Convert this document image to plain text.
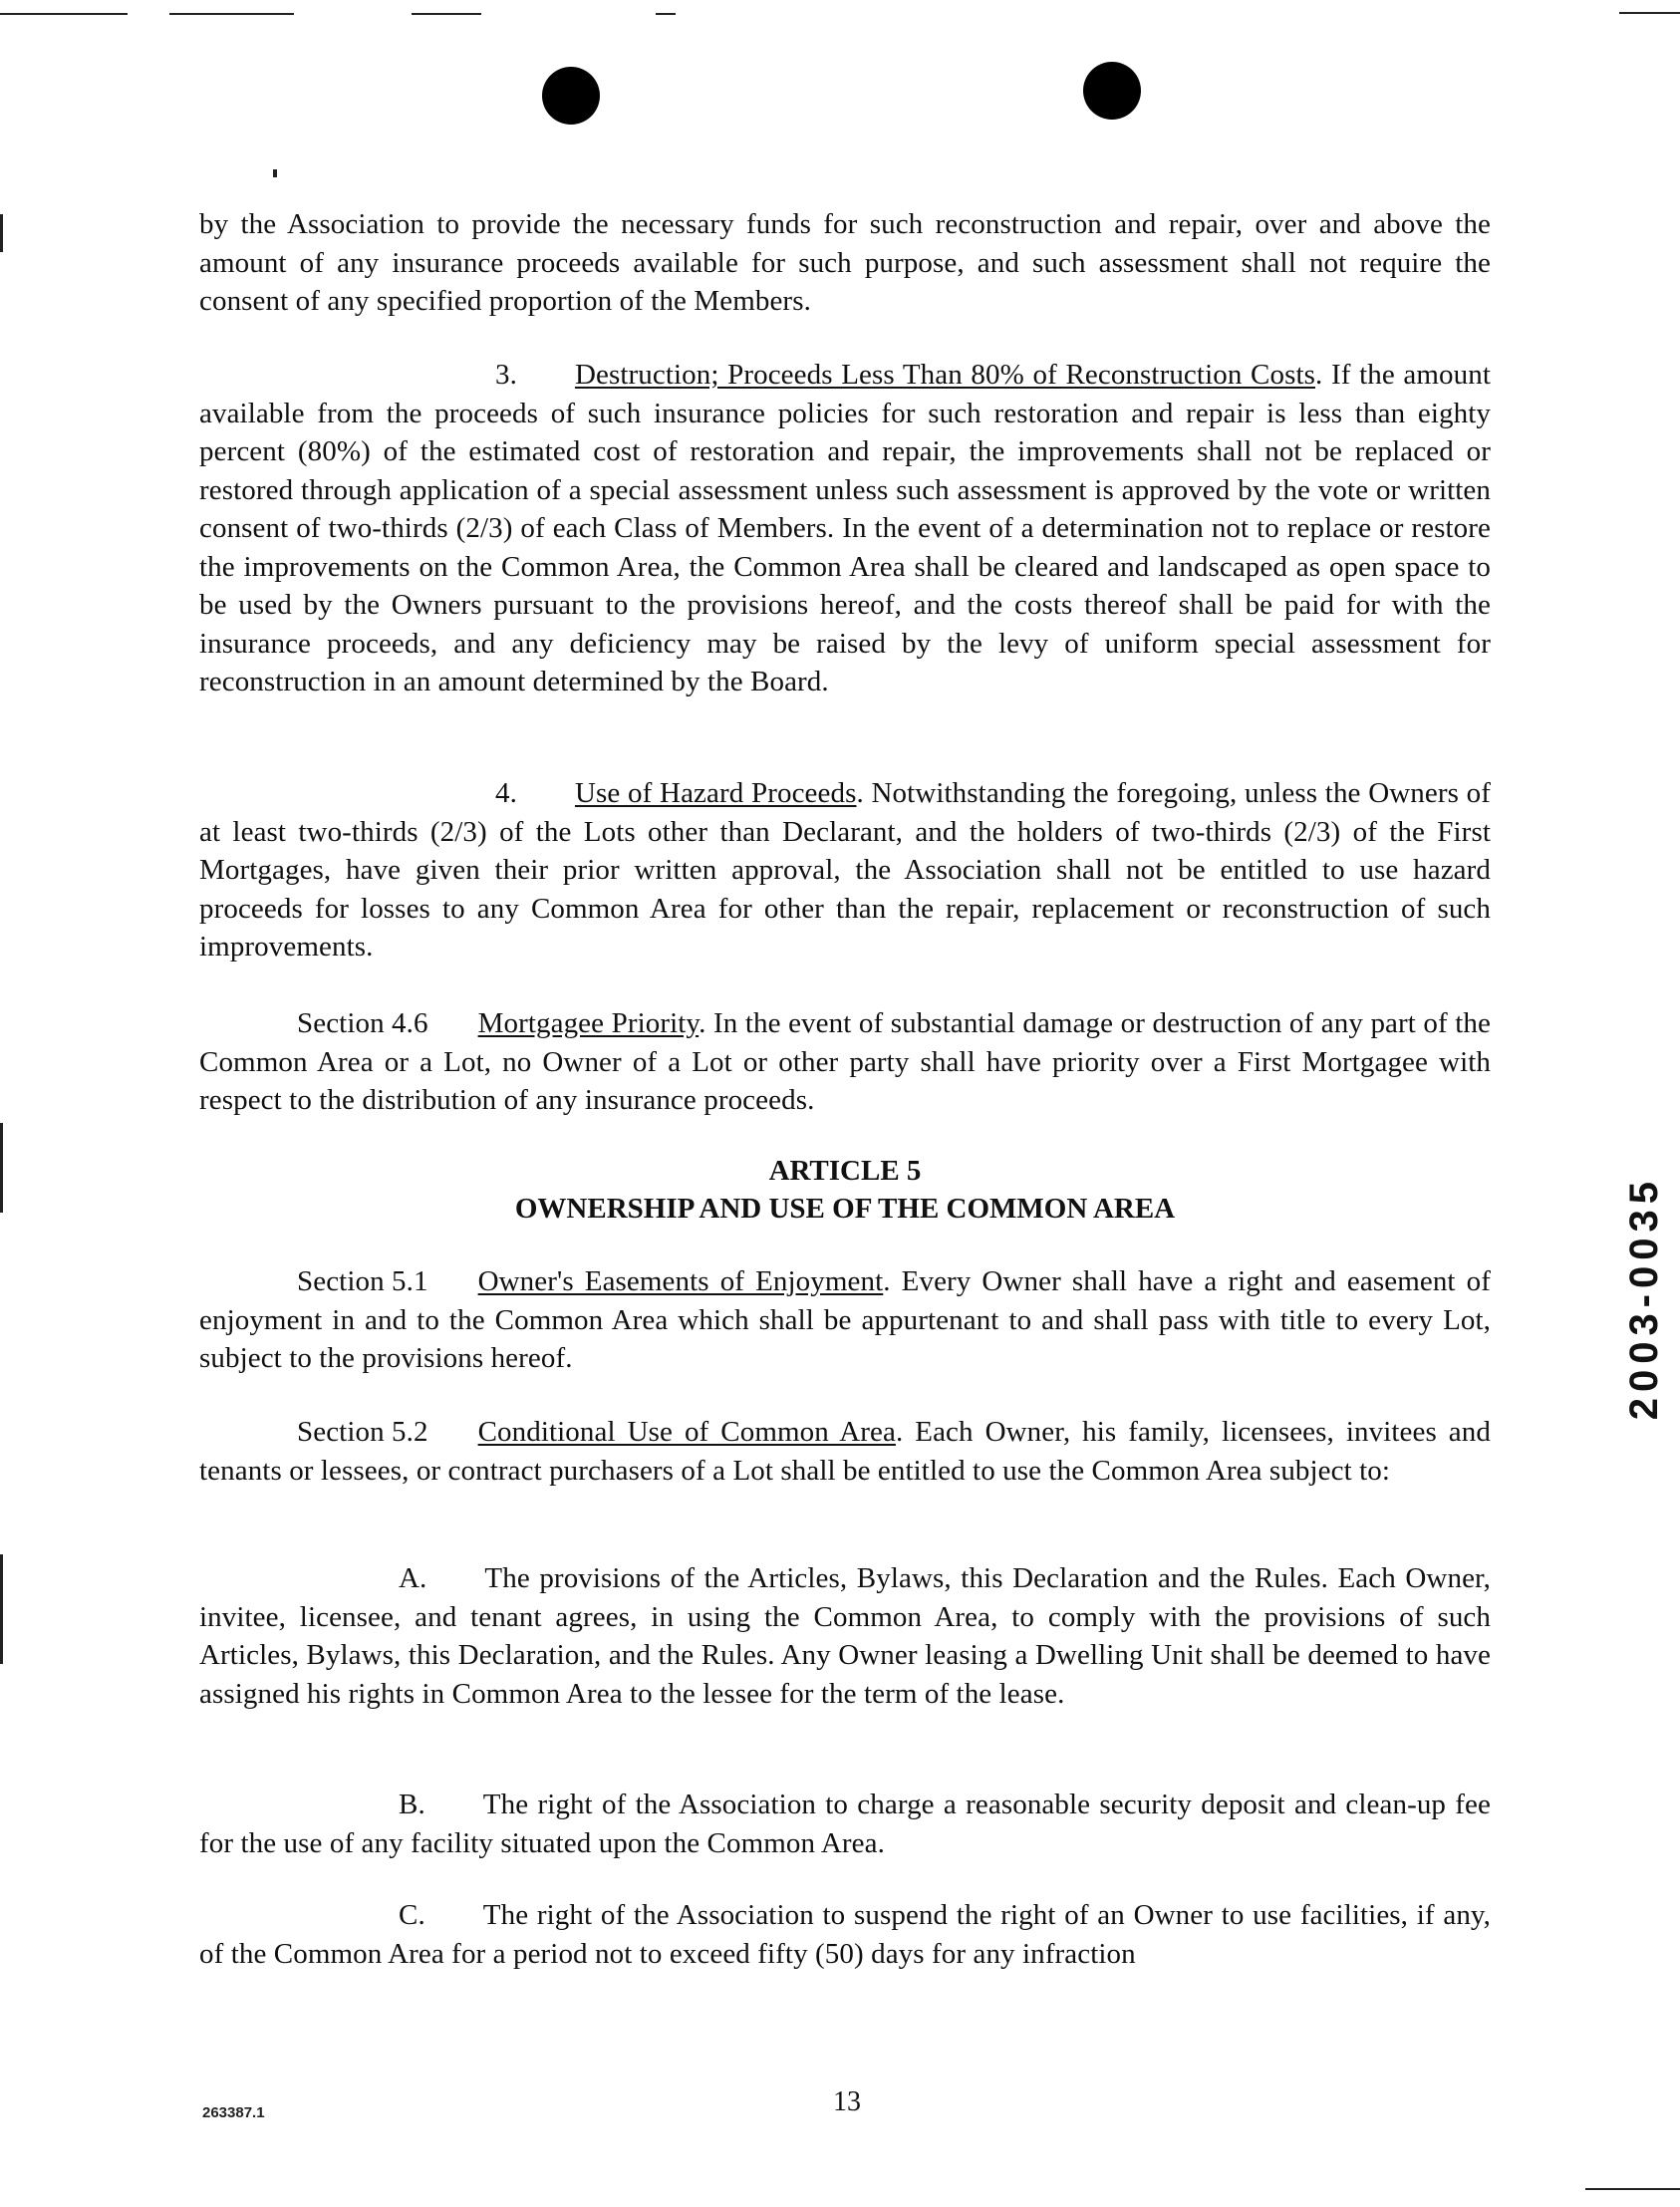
by the Association to provide the necessary funds for such reconstruction and repair, over and above the amount of any insurance proceeds available for such purpose, and such assessment shall not require the consent of any specified proportion of the Members.

3. Destruction; Proceeds Less Than 80% of Reconstruction Costs. If the amount available from the proceeds of such insurance policies for such restoration and repair is less than eighty percent (80%) of the estimated cost of restoration and repair, the improvements shall not be replaced or restored through application of a special assessment unless such assessment is approved by the vote or written consent of two-thirds (2/3) of each Class of Members. In the event of a determination not to replace or restore the improvements on the Common Area, the Common Area shall be cleared and landscaped as open space to be used by the Owners pursuant to the provisions hereof, and the costs thereof shall be paid for with the insurance proceeds, and any deficiency may be raised by the levy of uniform special assessment for reconstruction in an amount determined by the Board.

4. Use of Hazard Proceeds. Notwithstanding the foregoing, unless the Owners of at least two-thirds (2/3) of the Lots other than Declarant, and the holders of two-thirds (2/3) of the First Mortgages, have given their prior written approval, the Association shall not be entitled to use hazard proceeds for losses to any Common Area for other than the repair, replacement or reconstruction of such improvements.

Section 4.6 Mortgagee Priority. In the event of substantial damage or destruction of any part of the Common Area or a Lot, no Owner of a Lot or other party shall have priority over a First Mortgagee with respect to the distribution of any insurance proceeds.

ARTICLE 5
OWNERSHIP AND USE OF THE COMMON AREA

Section 5.1 Owner's Easements of Enjoyment. Every Owner shall have a right and easement of enjoyment in and to the Common Area which shall be appurtenant to and shall pass with title to every Lot, subject to the provisions hereof.

Section 5.2 Conditional Use of Common Area. Each Owner, his family, licensees, invitees and tenants or lessees, or contract purchasers of a Lot shall be entitled to use the Common Area subject to:

A. The provisions of the Articles, Bylaws, this Declaration and the Rules. Each Owner, invitee, licensee, and tenant agrees, in using the Common Area, to comply with the provisions of such Articles, Bylaws, this Declaration, and the Rules. Any Owner leasing a Dwelling Unit shall be deemed to have assigned his rights in Common Area to the lessee for the term of the lease.

B. The right of the Association to charge a reasonable security deposit and clean-up fee for the use of any facility situated upon the Common Area.

C. The right of the Association to suspend the right of an Owner to use facilities, if any, of the Common Area for a period not to exceed fifty (50) days for any infraction

2003-0035
263387.1	13
